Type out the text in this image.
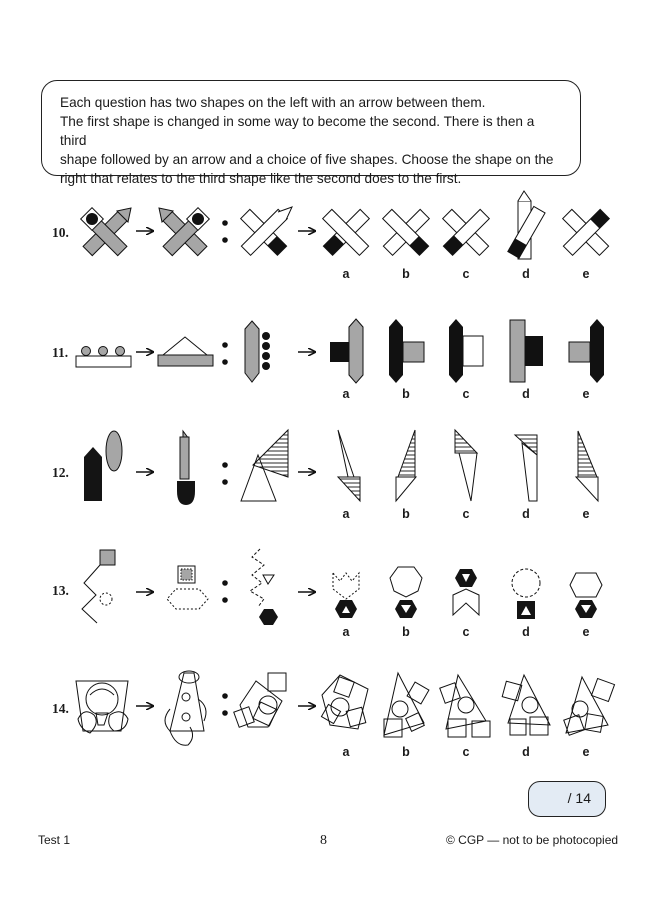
Each question has two shapes on the left with an arrow between them.

The first shape is changed in some way to become the second. There is then a third

shape followed by an arrow and a choice of five shapes. Choose the shape on the

right that relates to the third shape like the second does to the first.

10.
a	b	c	d	e
11.
a	b	c	d	e
12.
a	b	c	d	e
13.
a	b	c	d	e
14.
a	b	c	d	e
/ 14
Test 1	8	© CGP — not to be photocopied
